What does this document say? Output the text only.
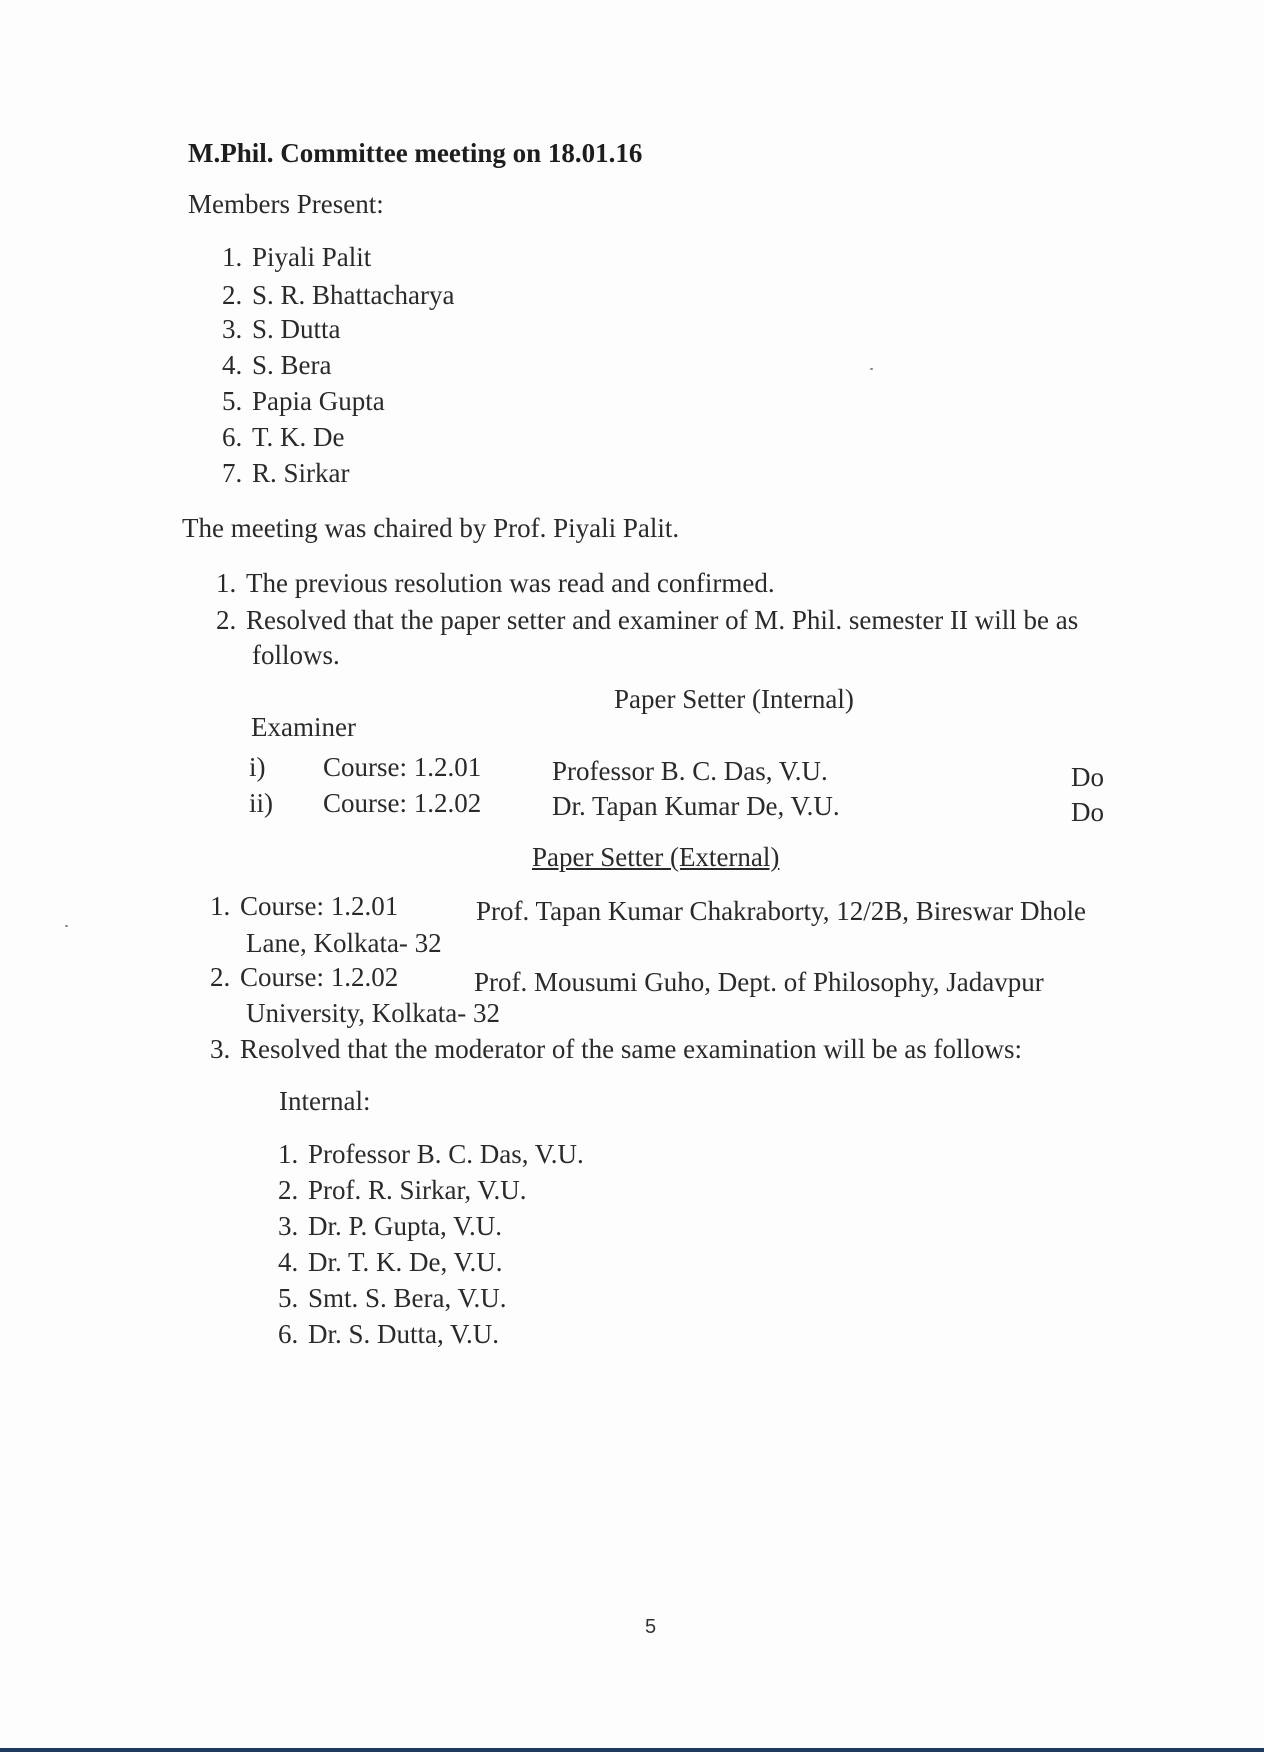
M.Phil. Committee meeting on 18.01.16
Members Present:
1. Piyali Palit
2. S. R. Bhattacharya
3. S. Dutta
4. S. Bera
5. Papia Gupta
6. T. K. De
7. R. Sirkar
The meeting was chaired by Prof. Piyali Palit.
1. The previous resolution was read and confirmed.
2. Resolved that the paper setter and examiner of M. Phil. semester II will be as
follows.
Paper Setter (Internal)
Examiner
i) Course: 1.2.01	Professor B. C. Das, V.U.	Do
ii) Course: 1.2.02	Dr. Tapan Kumar De, V.U.	Do
Paper Setter (External)
1. Course: 1.2.01	Prof. Tapan Kumar Chakraborty, 12/2B, Bireswar Dhole
Lane, Kolkata- 32
2. Course: 1.2.02	Prof. Mousumi Guho, Dept. of Philosophy, Jadavpur
University, Kolkata- 32
3. Resolved that the moderator of the same examination will be as follows:
Internal:
1. Professor B. C. Das, V.U.
2. Prof. R. Sirkar, V.U.
3. Dr. P. Gupta, V.U.
4. Dr. T. K. De, V.U.
5. Smt. S. Bera, V.U.
6. Dr. S. Dutta, V.U.
5
